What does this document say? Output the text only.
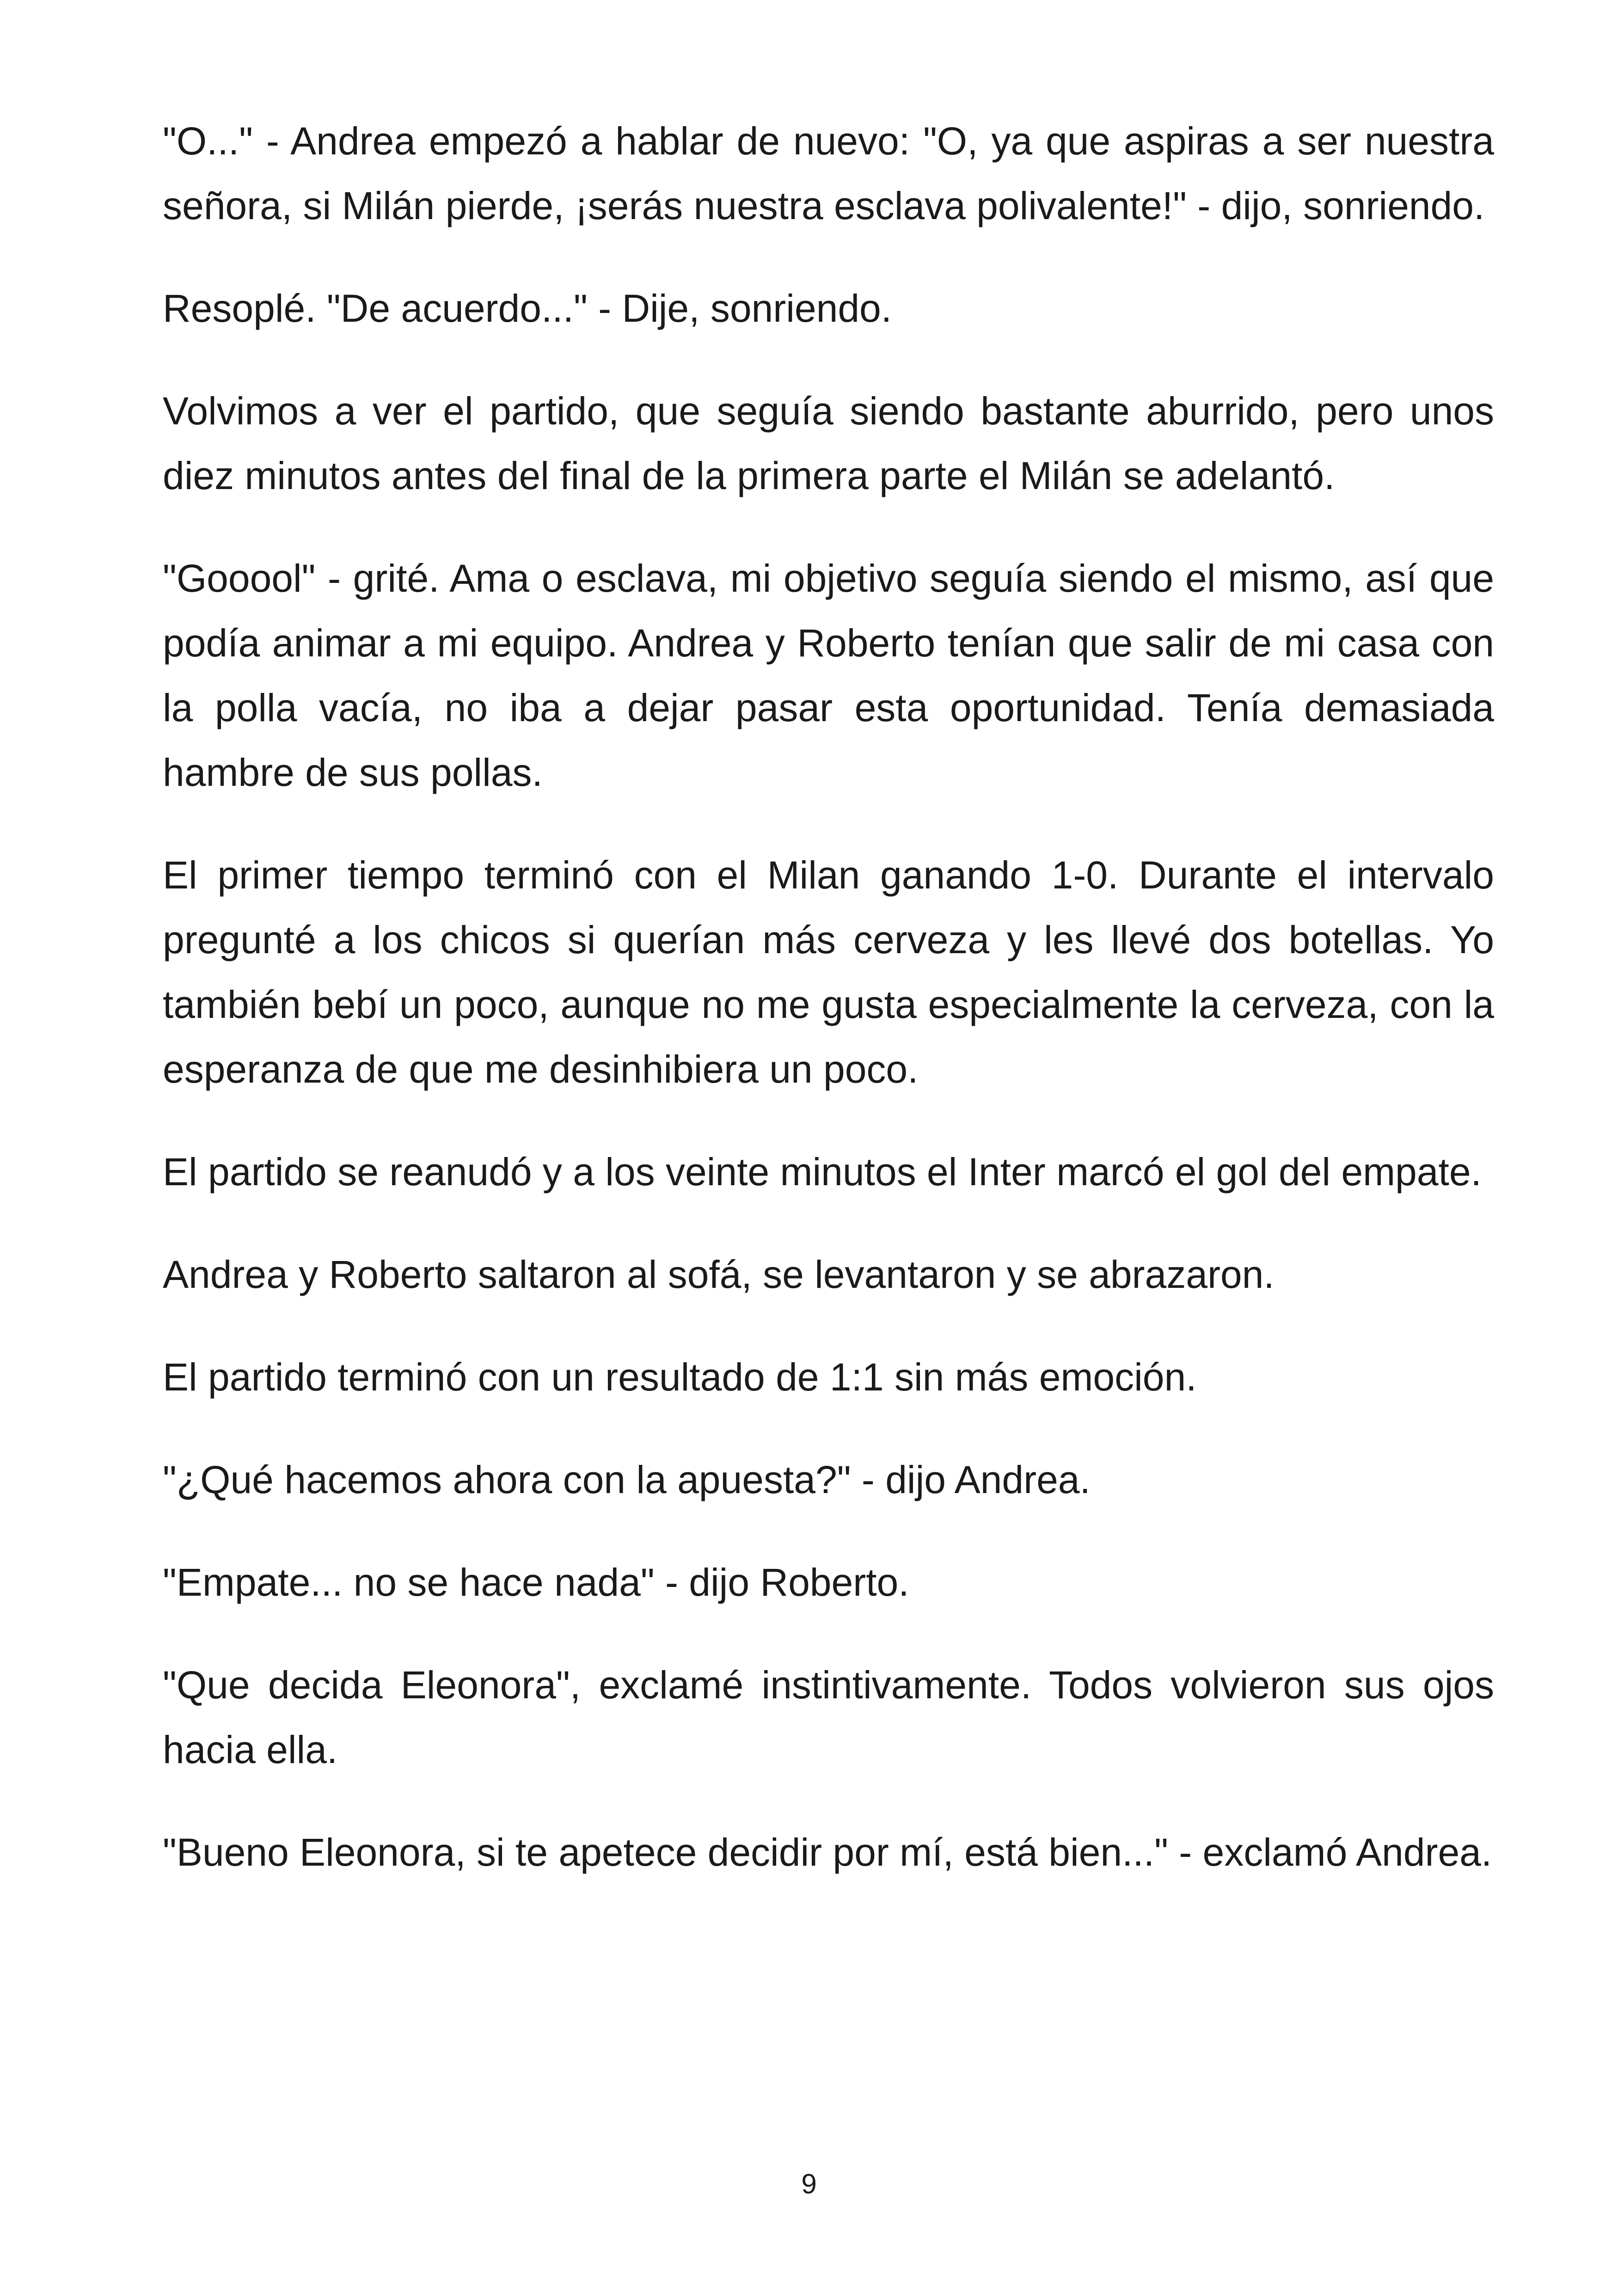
"O..." - Andrea empezó a hablar de nuevo: "O, ya que aspiras a ser nuestra señora, si Milán pierde, ¡serás nuestra esclava polivalente!" - dijo, sonriendo.

Resoplé. "De acuerdo..." - Dije, sonriendo.

Volvimos a ver el partido, que seguía siendo bastante aburrido, pero unos diez minutos antes del final de la primera parte el Milán se adelantó.

"Gooool" - grité. Ama o esclava, mi objetivo seguía siendo el mismo, así que podía animar a mi equipo. Andrea y Roberto tenían que salir de mi casa con la polla vacía, no iba a dejar pasar esta oportunidad. Tenía demasiada hambre de sus pollas.

El primer tiempo terminó con el Milan ganando 1-0. Durante el intervalo pregunté a los chicos si querían más cerveza y les llevé dos botellas. Yo también bebí un poco, aunque no me gusta especialmente la cerveza, con la esperanza de que me desinhibiera un poco.

El partido se reanudó y a los veinte minutos el Inter marcó el gol del empate.

Andrea y Roberto saltaron al sofá, se levantaron y se abrazaron.

El partido terminó con un resultado de 1:1 sin más emoción.

"¿Qué hacemos ahora con la apuesta?" - dijo Andrea.

"Empate... no se hace nada" - dijo Roberto.

"Que decida Eleonora", exclamé instintivamente. Todos volvieron sus ojos hacia ella.

"Bueno Eleonora, si te apetece decidir por mí, está bien..." - exclamó Andrea.

9
